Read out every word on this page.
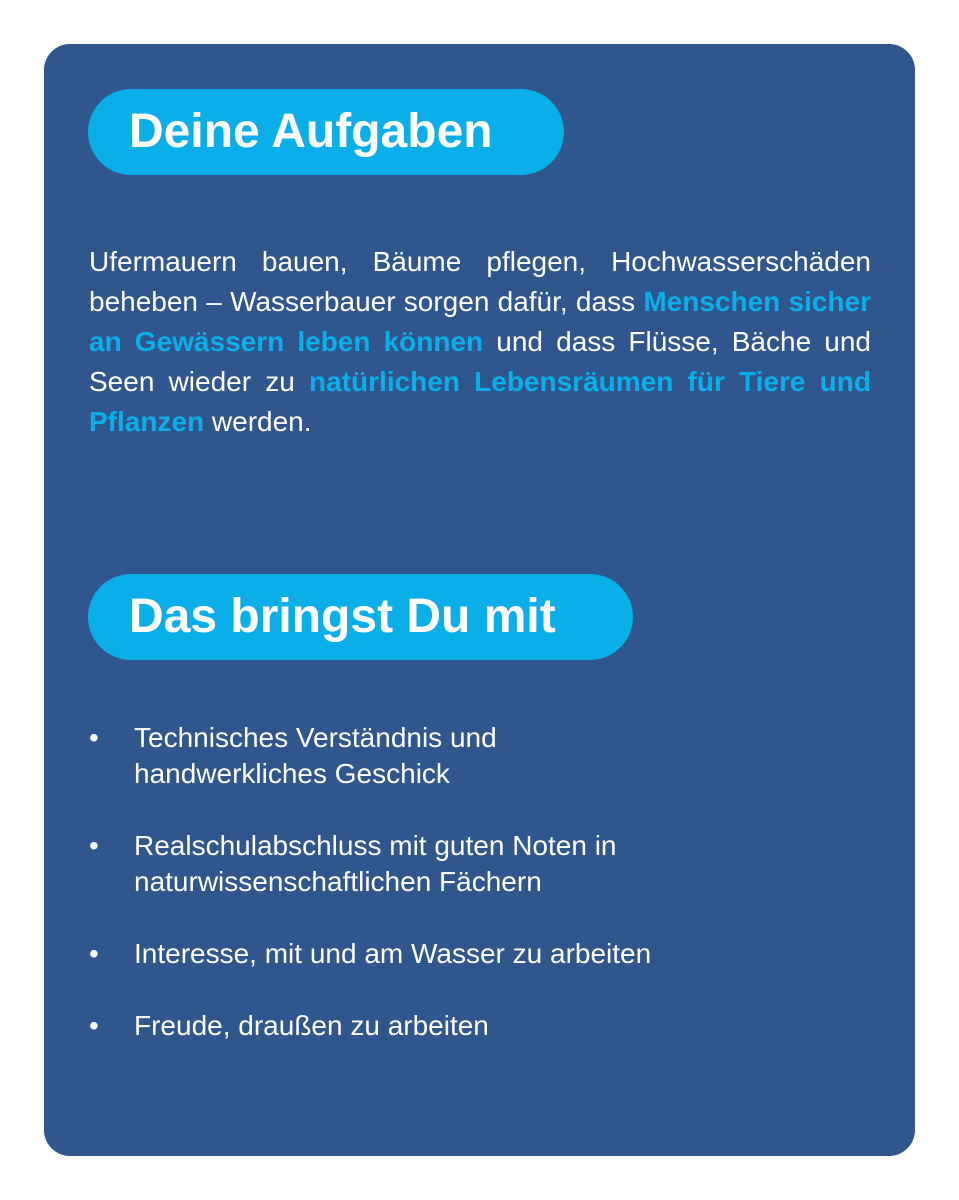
Deine Aufgaben

Ufermauern bauen, Bäume pflegen, Hochwasserschäden beheben – Wasserbauer sorgen dafür, dass Menschen sicher an Gewässern leben können und dass Flüsse, Bäche und Seen wieder zu natürlichen Lebensräumen für Tiere und Pflanzen werden.

Das bringst Du mit
• Technisches Verständnis und
handwerkliches Geschick
• Realschulabschluss mit guten Noten in
naturwissenschaftlichen Fächern
• Interesse, mit und am Wasser zu arbeiten
• Freude, draußen zu arbeiten
